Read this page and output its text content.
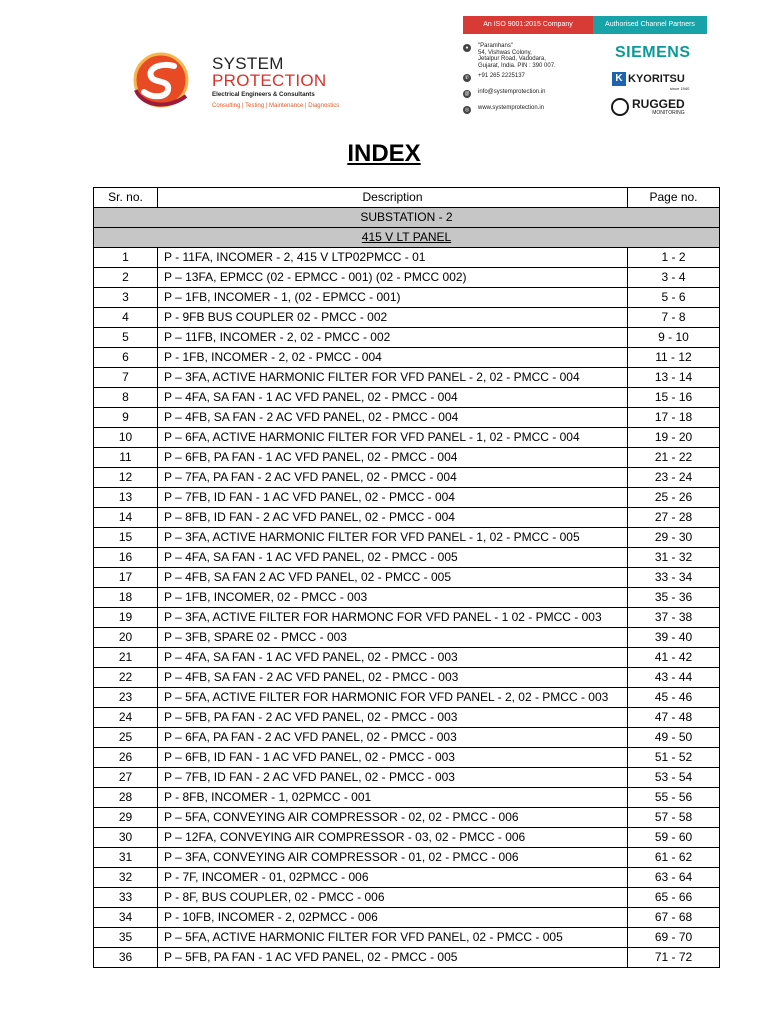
SYSTEM
PROTECTION
Electrical Engineers & Consultants
Consulting | Testing | Maintenance | Diagnostics
An ISO 9001:2015 Company	Authorised Channel Partners
●	"Paramhans"
54, Vishwas Colony,
Jetalpur Road, Vadodara,
Gujarat, India. PIN : 390 007.
✆	+91 265 2225137
@ info@systemprotection.in
◎	www.systemprotection.in
SIEMENS
K KYORITSU
since 1940
RUGGED
MONITORING
INDEX
Sr. no.	Description	Page no.
SUBSTATION - 2		
415 V LT PANEL		
1	P - 11FA, INCOMER - 2, 415 V LTP02PMCC - 01	1 - 2
2	P – 13FA, EPMCC (02 - EPMCC - 001) (02 - PMCC 002)	3 - 4
3	P – 1FB, INCOMER - 1, (02 - EPMCC - 001)	5 - 6
4	P - 9FB BUS COUPLER 02 - PMCC - 002	7 - 8
5	P – 11FB, INCOMER - 2, 02 - PMCC - 002	9 - 10
6	P - 1FB, INCOMER - 2, 02 - PMCC - 004	11 - 12
7	P – 3FA, ACTIVE HARMONIC FILTER FOR VFD PANEL - 2, 02 - PMCC - 004	13 - 14
8	P – 4FA, SA FAN - 1 AC VFD PANEL, 02 - PMCC - 004	15 - 16
9	P – 4FB, SA FAN - 2 AC VFD PANEL, 02 - PMCC - 004	17 - 18
10	P – 6FA, ACTIVE HARMONIC FILTER FOR VFD PANEL - 1, 02 - PMCC - 004	19 - 20
11	P – 6FB, PA FAN - 1 AC VFD PANEL, 02 - PMCC - 004	21 - 22
12	P – 7FA, PA FAN - 2 AC VFD PANEL, 02 - PMCC - 004	23 - 24
13	P – 7FB, ID FAN - 1 AC VFD PANEL, 02 - PMCC - 004	25 - 26
14	P – 8FB, ID FAN - 2 AC VFD PANEL, 02 - PMCC - 004	27 - 28
15	P – 3FA, ACTIVE HARMONIC FILTER FOR VFD PANEL - 1, 02 - PMCC - 005	29 - 30
16	P – 4FA, SA FAN - 1 AC VFD PANEL, 02 - PMCC - 005	31 - 32
17	P – 4FB, SA FAN 2 AC VFD PANEL, 02 - PMCC - 005	33 - 34
18	P – 1FB, INCOMER, 02 - PMCC - 003	35 - 36
19	P – 3FA, ACTIVE FILTER FOR HARMONC FOR VFD PANEL - 1 02 - PMCC - 003	37 - 38
20	P – 3FB, SPARE 02 - PMCC - 003	39 - 40
21	P – 4FA, SA FAN - 1 AC VFD PANEL, 02 - PMCC - 003	41 - 42
22	P – 4FB, SA FAN - 2 AC VFD PANEL, 02 - PMCC - 003	43 - 44
23	P – 5FA, ACTIVE FILTER FOR HARMONIC FOR VFD PANEL - 2, 02 - PMCC - 003	45 - 46
24	P – 5FB, PA FAN - 2 AC VFD PANEL, 02 - PMCC - 003	47 - 48
25	P – 6FA, PA FAN - 2 AC VFD PANEL, 02 - PMCC - 003	49 - 50
26	P – 6FB, ID FAN - 1 AC VFD PANEL, 02 - PMCC - 003	51 - 52
27	P – 7FB, ID FAN - 2 AC VFD PANEL, 02 - PMCC - 003	53 - 54
28	P - 8FB, INCOMER - 1, 02PMCC - 001	55 - 56
29	P – 5FA, CONVEYING AIR COMPRESSOR - 02, 02 - PMCC - 006	57 - 58
30	P – 12FA, CONVEYING AIR COMPRESSOR - 03, 02 - PMCC - 006	59 - 60
31	P – 3FA, CONVEYING AIR COMPRESSOR - 01, 02 - PMCC - 006	61 - 62
32	P - 7F, INCOMER - 01, 02PMCC - 006	63 - 64
33	P - 8F, BUS COUPLER, 02 - PMCC - 006	65 - 66
34	P - 10FB, INCOMER - 2, 02PMCC - 006	67 - 68
35	P – 5FA, ACTIVE HARMONIC FILTER FOR VFD PANEL, 02 - PMCC - 005	69 - 70
36	P – 5FB, PA FAN - 1 AC VFD PANEL, 02 - PMCC - 005	71 - 72
